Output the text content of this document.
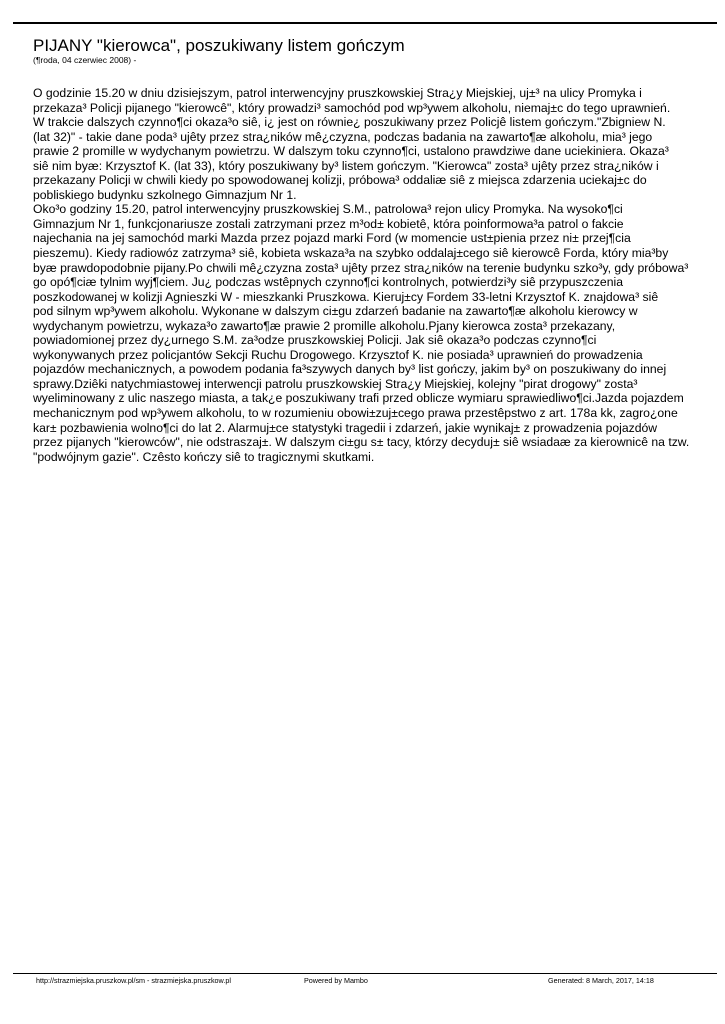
PIJANY "kierowca", poszukiwany listem gończym
(¶roda, 04 czerwiec 2008) -

O godzinie 15.20 w dniu dzisiejszym, patrol interwencyjny pruszkowskiej Stra¿y Miejskiej, uj±³ na ulicy Promyka i
przekaza³ Policji pijanego "kierowcê", który prowadzi³ samochód pod wp³ywem alkoholu, niemaj±c do tego uprawnień.
W trakcie dalszych czynno¶ci okaza³o siê, i¿ jest on równie¿ poszukiwany przez Policjê listem gończym."Zbigniew N.
(lat 32)" - takie dane poda³ ujêty przez stra¿ników mê¿czyzna, podczas badania na zawarto¶æ alkoholu, mia³ jego
prawie 2 promille w wydychanym powietrzu. W dalszym toku czynno¶ci, ustalono prawdziwe dane uciekiniera. Okaza³
siê nim byæ: Krzysztof K. (lat 33), który poszukiwany by³ listem gończym. "Kierowca" zosta³ ujêty przez stra¿ników i
przekazany Policji w chwili kiedy po spowodowanej kolizji, próbowa³ oddaliæ siê z miejsca zdarzenia uciekaj±c do
pobliskiego budynku szkolnego Gimnazjum Nr 1.

Oko³o godziny 15.20, patrol interwencyjny pruszkowskiej S.M., patrolowa³ rejon ulicy Promyka. Na wysoko¶ci
Gimnazjum Nr 1, funkcjonariusze zostali zatrzymani przez m³od± kobietê, która poinformowa³a patrol o fakcie
najechania na jej samochód marki Mazda przez pojazd marki Ford (w momencie ust±pienia przez ni± przej¶cia
pieszemu). Kiedy radiowóz zatrzyma³ siê, kobieta wskaza³a na szybko oddalaj±cego siê kierowcê Forda, który mia³by
byæ prawdopodobnie pijany.Po chwili mê¿czyzna zosta³ ujêty przez stra¿ników na terenie budynku szko³y, gdy próbowa³
go opó¶ciæ tylnim wyj¶ciem. Ju¿ podczas wstêpnych czynno¶ci kontrolnych, potwierdzi³y siê przypuszczenia
poszkodowanej w kolizji Agnieszki W - mieszkanki Pruszkowa. Kieruj±cy Fordem 33-letni Krzysztof K. znajdowa³ siê
pod silnym wp³ywem alkoholu. Wykonane w dalszym ci±gu zdarzeń badanie na zawarto¶æ alkoholu kierowcy w
wydychanym powietrzu, wykaza³o zawarto¶æ prawie 2 promille alkoholu.Pjany kierowca zosta³ przekazany,
powiadomionej przez dy¿urnego S.M. za³odze pruszkowskiej Policji. Jak siê okaza³o podczas czynno¶ci
wykonywanych przez policjantów Sekcji Ruchu Drogowego. Krzysztof K. nie posiada³ uprawnień do prowadzenia
pojazdów mechanicznych, a powodem podania fa³szywych danych by³ list gończy, jakim by³ on poszukiwany do innej
sprawy.Dziêki natychmiastowej interwencji patrolu pruszkowskiej Stra¿y Miejskiej, kolejny "pirat drogowy" zosta³
wyeliminowany z ulic naszego miasta, a tak¿e poszukiwany trafi przed oblicze wymiaru sprawiedliwo¶ci.Jazda pojazdem
mechanicznym pod wp³ywem alkoholu, to w rozumieniu obowi±zuj±cego prawa przestêpstwo z art. 178a kk, zagro¿one
kar± pozbawienia wolno¶ci do lat 2. Alarmuj±ce statystyki tragedii i zdarzeń, jakie wynikaj± z prowadzenia pojazdów
przez pijanych "kierowców", nie odstraszaj±. W dalszym ci±gu s± tacy, którzy decyduj± siê wsiadaæ za kierownicê na tzw.
"podwójnym gazie". Czêsto kończy siê to tragicznymi skutkami.

http://strazmiejska.pruszkow.pl/sm - strazmiejska.pruszkow.pl	Powered by Mambo	Generated: 8 March, 2017, 14:18
